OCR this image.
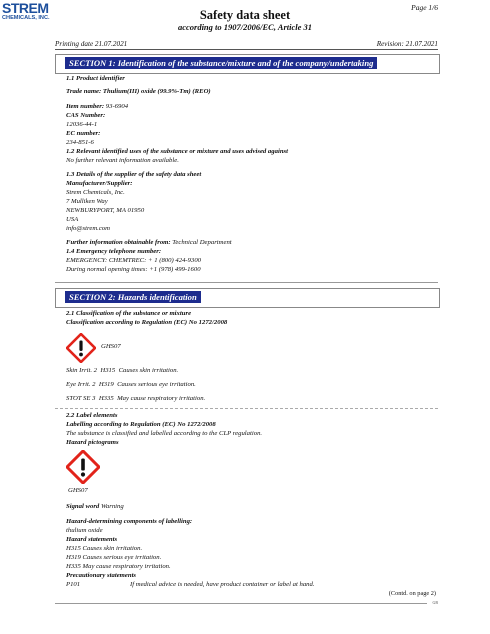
STREM
CHEMICALS, INC.	Safety data sheet
according to 1907/2006/EC, Article 31
Page 1/6
Printing date 21.07.2021	Revision: 21.07.2021
SECTION 1: Identification of the substance/mixture and of the company/undertaking
1.1 Product identifier
Trade name: Thulium(III) oxide (99.9%-Tm) (REO)
Item number: 93-6904
CAS Number:
12036-44-1
EC number:
234-851-6
1.2 Relevant identified uses of the substance or mixture and uses advised against
No further relevant information available.
1.3 Details of the supplier of the safety data sheet
Manufacturer/Supplier:
Strem Chemicals, Inc.
7 Mulliken Way
NEWBURYPORT, MA 01950
USA
info@strem.com
Further information obtainable from: Technical Department
1.4 Emergency telephone number:
EMERGENCY: CHEMTREC: + 1 (800) 424-9300
During normal opening times: +1 (978) 499-1600
SECTION 2: Hazards identification
2.1 Classification of the substance or mixture
Classification according to Regulation (EC) No 1272/2008
GHS07
Skin Irrit. 2 H315 Causes skin irritation.
Eye Irrit. 2 H319 Causes serious eye irritation.
STOT SE 3 H335 May cause respiratory irritation.
2.2 Label elements
Labelling according to Regulation (EC) No 1272/2008
The substance is classified and labelled according to the CLP regulation.
Hazard pictograms
GHS07
Signal word Warning
Hazard-determining components of labelling:
thulium oxide
Hazard statements
H315 Causes skin irritation.
H319 Causes serious eye irritation.
H335 May cause respiratory irritation.
Precautionary statements
P101	If medical advice is needed, have product container or label at hand.
(Contd. on page 2)
GB
